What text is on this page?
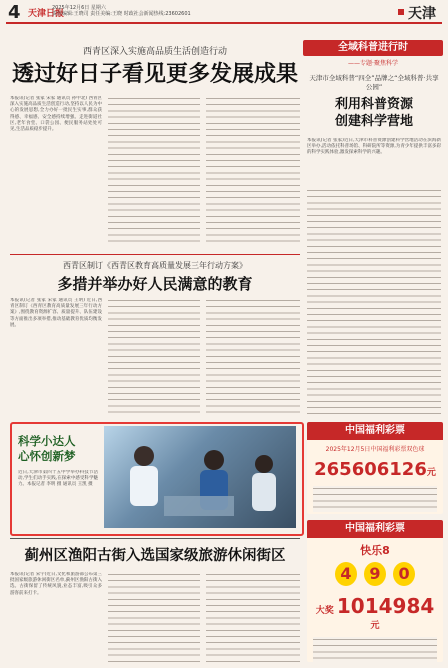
4 天津日报
2025年12月6日 星期六
责任编辑:王晓司 责任美编:王晓 时政社会新闻热线:23602601	天津
西青区深入实施高品质生活创造行动
透过好日子看见更多发展成果
本报讯(记者 张家 宋家 通讯员 孙中北) 西青区深入实施高品质生活创造行动,坚持以人民为中心的发展思想,全力办好一批民生实事,群众获得感、幸福感、安全感持续增强。走进街道社区,老年食堂、口袋公园、便民服务站处处可见,生活品质稳步提升。
西青区制订《西青区教育高质量发展三年行动方案》
多措并举办好人民满意的教育
本报讯(记者 张家 宋家 通讯员 王明) 近日,西青区制订《西青区教育高质量发展三年行动方案》,围绕教育资源扩容、质量提升、队伍建设等方面推出多项举措,推动基础教育优质均衡发展。
科学小达人
心怀创新梦
近日,天津市第四十五中学举办科技节活动,学生们动手实践,在探索中感受科学魅力。本报记者 李明 摄 通讯员 王凯 摄
蓟州区渔阳古街入选国家级旅游休闲街区
本报讯(记者 宋宇)近日,文化和旅游部公布第三批国家级旅游休闲街区名单,蓟州区渔阳古街入选。古街保留了传统风貌,业态丰富,吸引众多游客前来打卡。
全域科普进行时
——专题·聚焦科学
天津市全域科普“四全”品牌之“全域科普·共享公园”
利用科普资源
创建科学营地
本报讯(记者 张家)近日,天津市科普资源创建科学营地活动在滨海新区举办,活动依托科普场馆、科研院所等资源,为青少年提供丰富多彩的科学实践体验,激发探索科学的兴趣。
中国福利彩票
2025年12月5日中国福利彩票双色球
265606126元
中国福利彩票
快乐8
4 9 0
大奖 1014984元
